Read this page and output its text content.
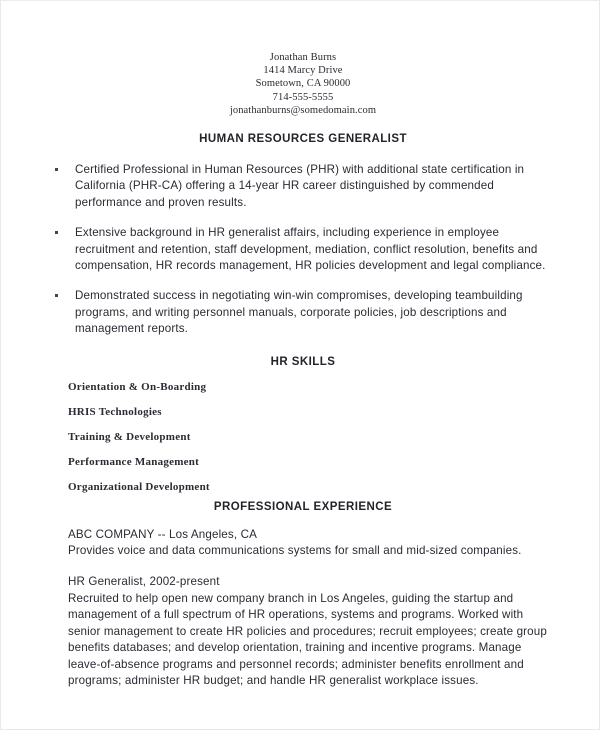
Jonathan Burns
1414 Marcy Drive
Sometown, CA 90000
714-555-5555
jonathanburns@somedomain.com
HUMAN RESOURCES GENERALIST
Certified Professional in Human Resources (PHR) with additional state certification in California (PHR-CA) offering a 14-year HR career distinguished by commended performance and proven results.
Extensive background in HR generalist affairs, including experience in employee recruitment and retention, staff development, mediation, conflict resolution, benefits and compensation, HR records management, HR policies development and legal compliance.
Demonstrated success in negotiating win-win compromises, developing teambuilding programs, and writing personnel manuals, corporate policies, job descriptions and management reports.
HR SKILLS
Orientation & On-Boarding
HRIS Technologies
Training & Development
Performance Management
Organizational Development
PROFESSIONAL EXPERIENCE
ABC COMPANY -- Los Angeles, CA
Provides voice and data communications systems for small and mid-sized companies.
HR Generalist, 2002-present
Recruited to help open new company branch in Los Angeles, guiding the startup and management of a full spectrum of HR operations, systems and programs. Worked with senior management to create HR policies and procedures; recruit employees; create group benefits databases; and develop orientation, training and incentive programs. Manage leave-of-absence programs and personnel records; administer benefits enrollment and programs; administer HR budget; and handle HR generalist workplace issues.
